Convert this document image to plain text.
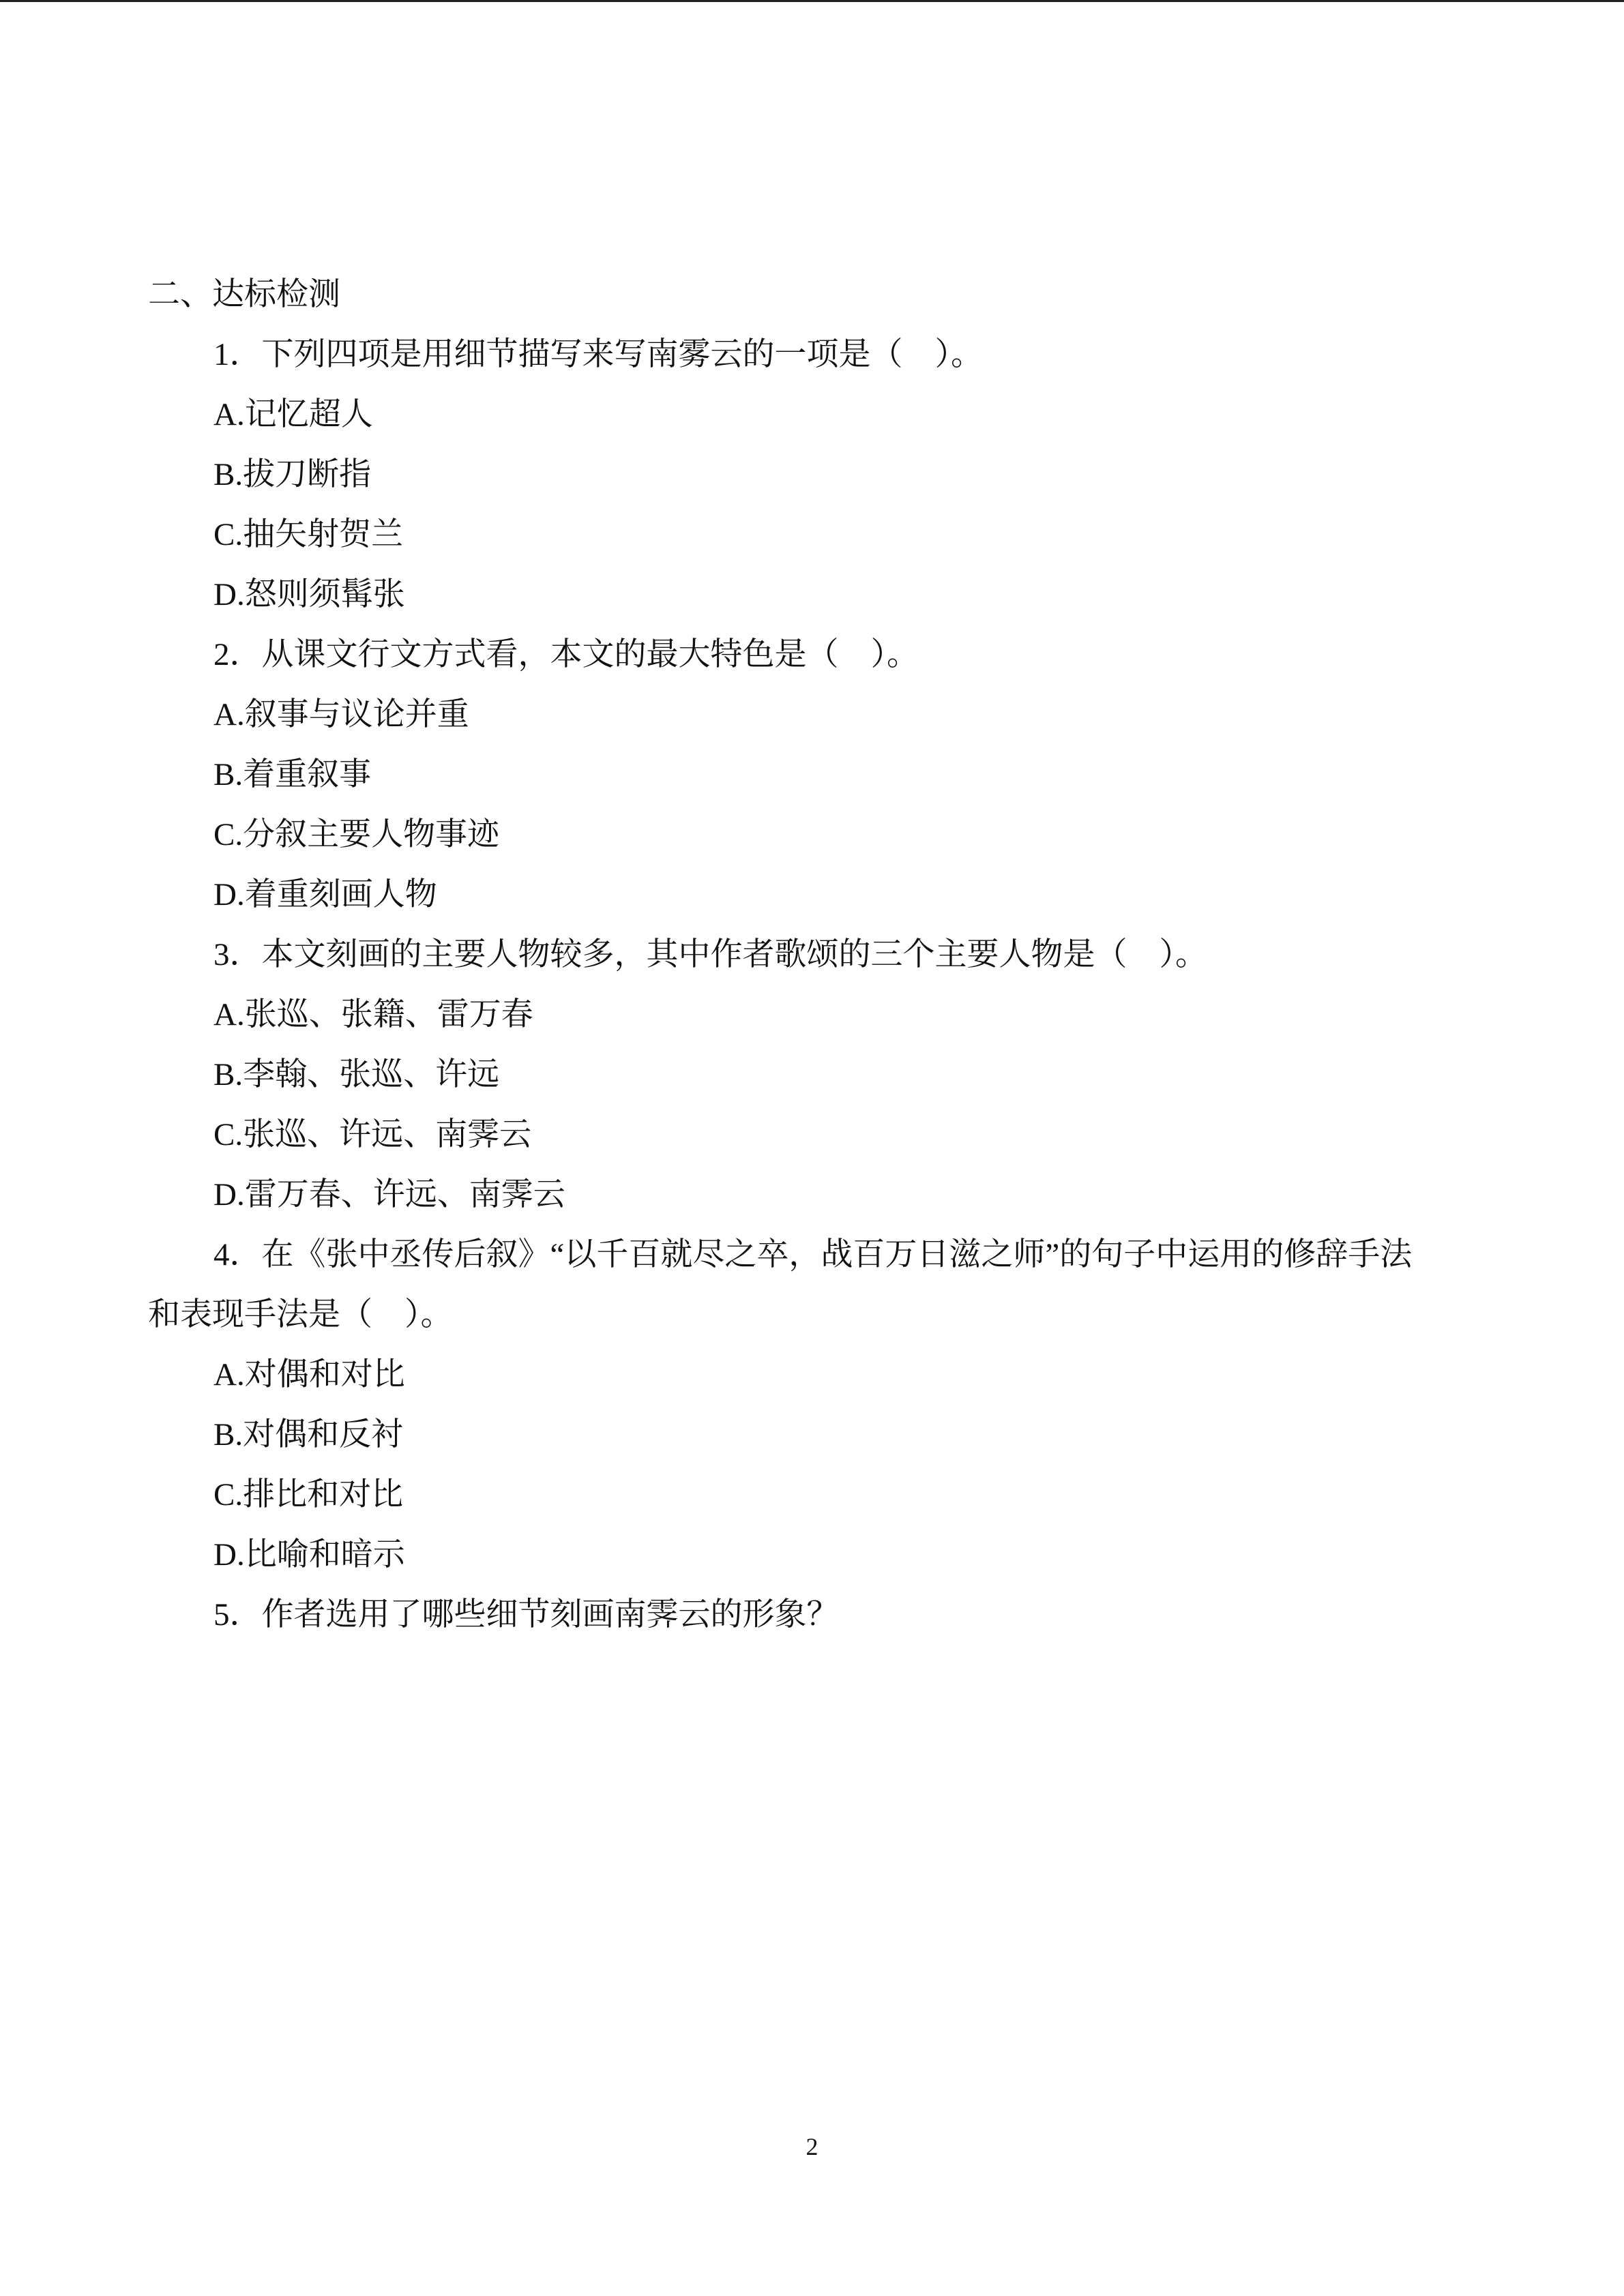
二、达标检测
1．下列四项是用细节描写来写南雾云的一项是（　）。
A.记忆超人
B.拔刀断指
C.抽矢射贺兰
D.怒则须髯张
2．从课文行文方式看，本文的最大特色是（　）。
A.叙事与议论并重
B.着重叙事
C.分叙主要人物事迹
D.着重刻画人物
3．本文刻画的主要人物较多，其中作者歌颂的三个主要人物是（　）。
A.张巡、张籍、雷万春
B.李翰、张巡、许远
C.张巡、许远、南霁云
D.雷万春、许远、南霁云
4．在《张中丞传后叙》“以千百就尽之卒，战百万日滋之师”的句子中运用的修辞手法
和表现手法是（　）。
A.对偶和对比
B.对偶和反衬
C.排比和对比
D.比喻和暗示
5．作者选用了哪些细节刻画南霁云的形象？
2
